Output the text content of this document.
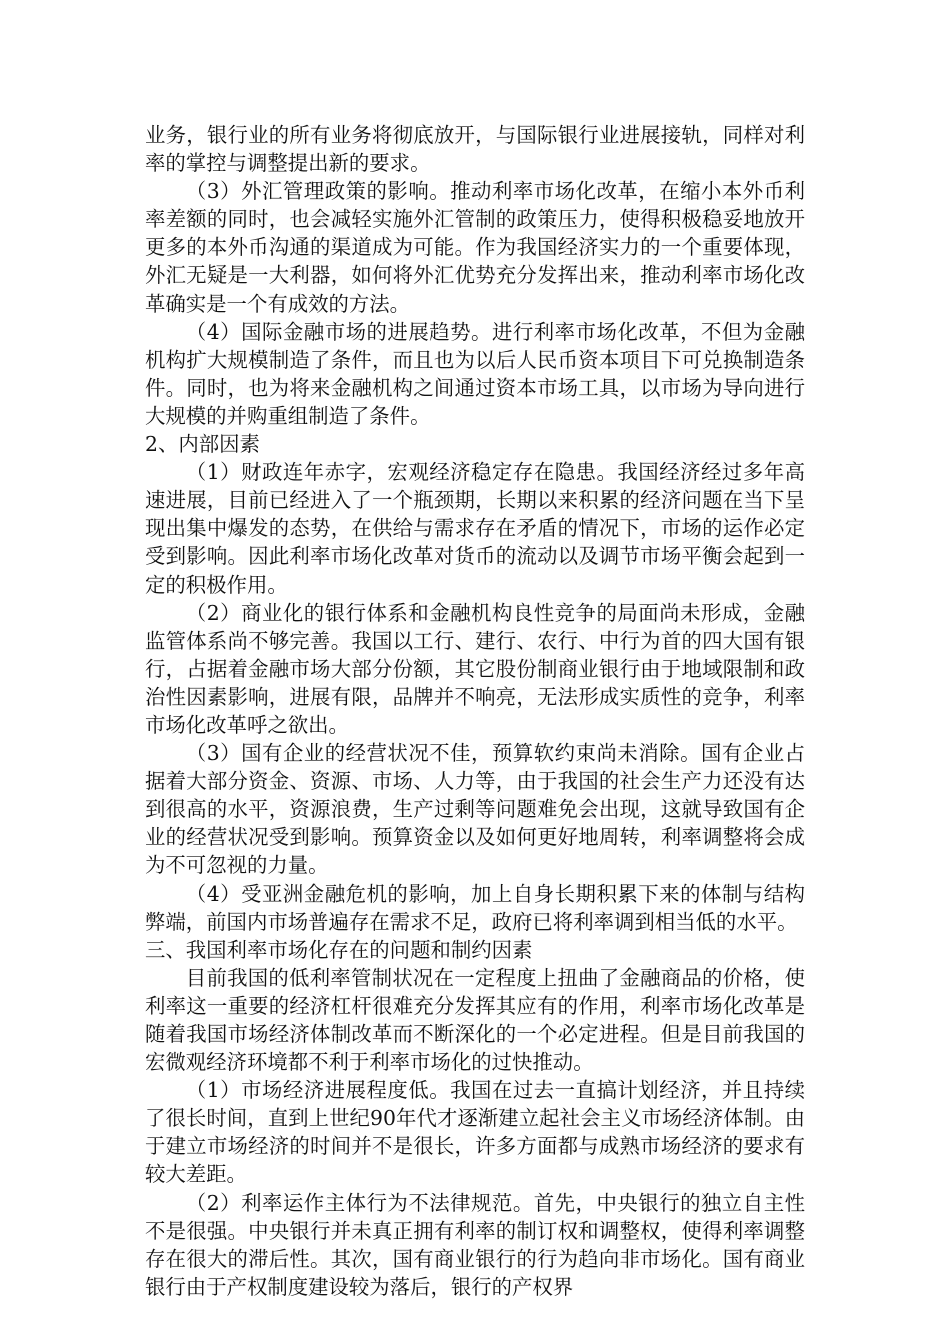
业务，银行业的所有业务将彻底放开，与国际银行业进展接轨，同样对利率的掌控与调整提出新的要求。

（3）外汇管理政策的影响。推动利率市场化改革，在缩小本外币利率差额的同时，也会减轻实施外汇管制的政策压力，使得积极稳妥地放开更多的本外币沟通的渠道成为可能。作为我国经济实力的一个重要体现，外汇无疑是一大利器，如何将外汇优势充分发挥出来，推动利率市场化改革确实是一个有成效的方法。

（4）国际金融市场的进展趋势。进行利率市场化改革，不但为金融机构扩大规模制造了条件，而且也为以后人民币资本项目下可兑换制造条件。同时，也为将来金融机构之间通过资本市场工具，以市场为导向进行大规模的并购重组制造了条件。

2、内部因素

（1）财政连年赤字，宏观经济稳定存在隐患。我国经济经过多年高速进展，目前已经进入了一个瓶颈期，长期以来积累的经济问题在当下呈现出集中爆发的态势，在供给与需求存在矛盾的情况下，市场的运作必定受到影响。因此利率市场化改革对货币的流动以及调节市场平衡会起到一定的积极作用。

（2）商业化的银行体系和金融机构良性竞争的局面尚未形成，金融监管体系尚不够完善。我国以工行、建行、农行、中行为首的四大国有银行，占据着金融市场大部分份额，其它股份制商业银行由于地域限制和政治性因素影响，进展有限，品牌并不响亮，无法形成实质性的竞争，利率市场化改革呼之欲出。

（3）国有企业的经营状况不佳，预算软约束尚未消除。国有企业占据着大部分资金、资源、市场、人力等，由于我国的社会生产力还没有达到很高的水平，资源浪费，生产过剩等问题难免会出现，这就导致国有企业的经营状况受到影响。预算资金以及如何更好地周转，利率调整将会成为不可忽视的力量。

（4）受亚洲金融危机的影响，加上自身长期积累下来的体制与结构弊端，前国内市场普遍存在需求不足，政府已将利率调到相当低的水平。

三、我国利率市场化存在的问题和制约因素

目前我国的低利率管制状况在一定程度上扭曲了金融商品的价格，使利率这一重要的经济杠杆很难充分发挥其应有的作用，利率市场化改革是随着我国市场经济体制改革而不断深化的一个必定进程。但是目前我国的宏微观经济环境都不利于利率市场化的过快推动。

（1）市场经济进展程度低。我国在过去一直搞计划经济，并且持续了很长时间，直到上世纪90年代才逐渐建立起社会主义市场经济体制。由于建立市场经济的时间并不是很长，许多方面都与成熟市场经济的要求有较大差距。

（2）利率运作主体行为不法律规范。首先，中央银行的独立自主性不是很强。中央银行并未真正拥有利率的制订权和调整权，使得利率调整存在很大的滞后性。其次，国有商业银行的行为趋向非市场化。国有商业银行由于产权制度建设较为落后，银行的产权界
